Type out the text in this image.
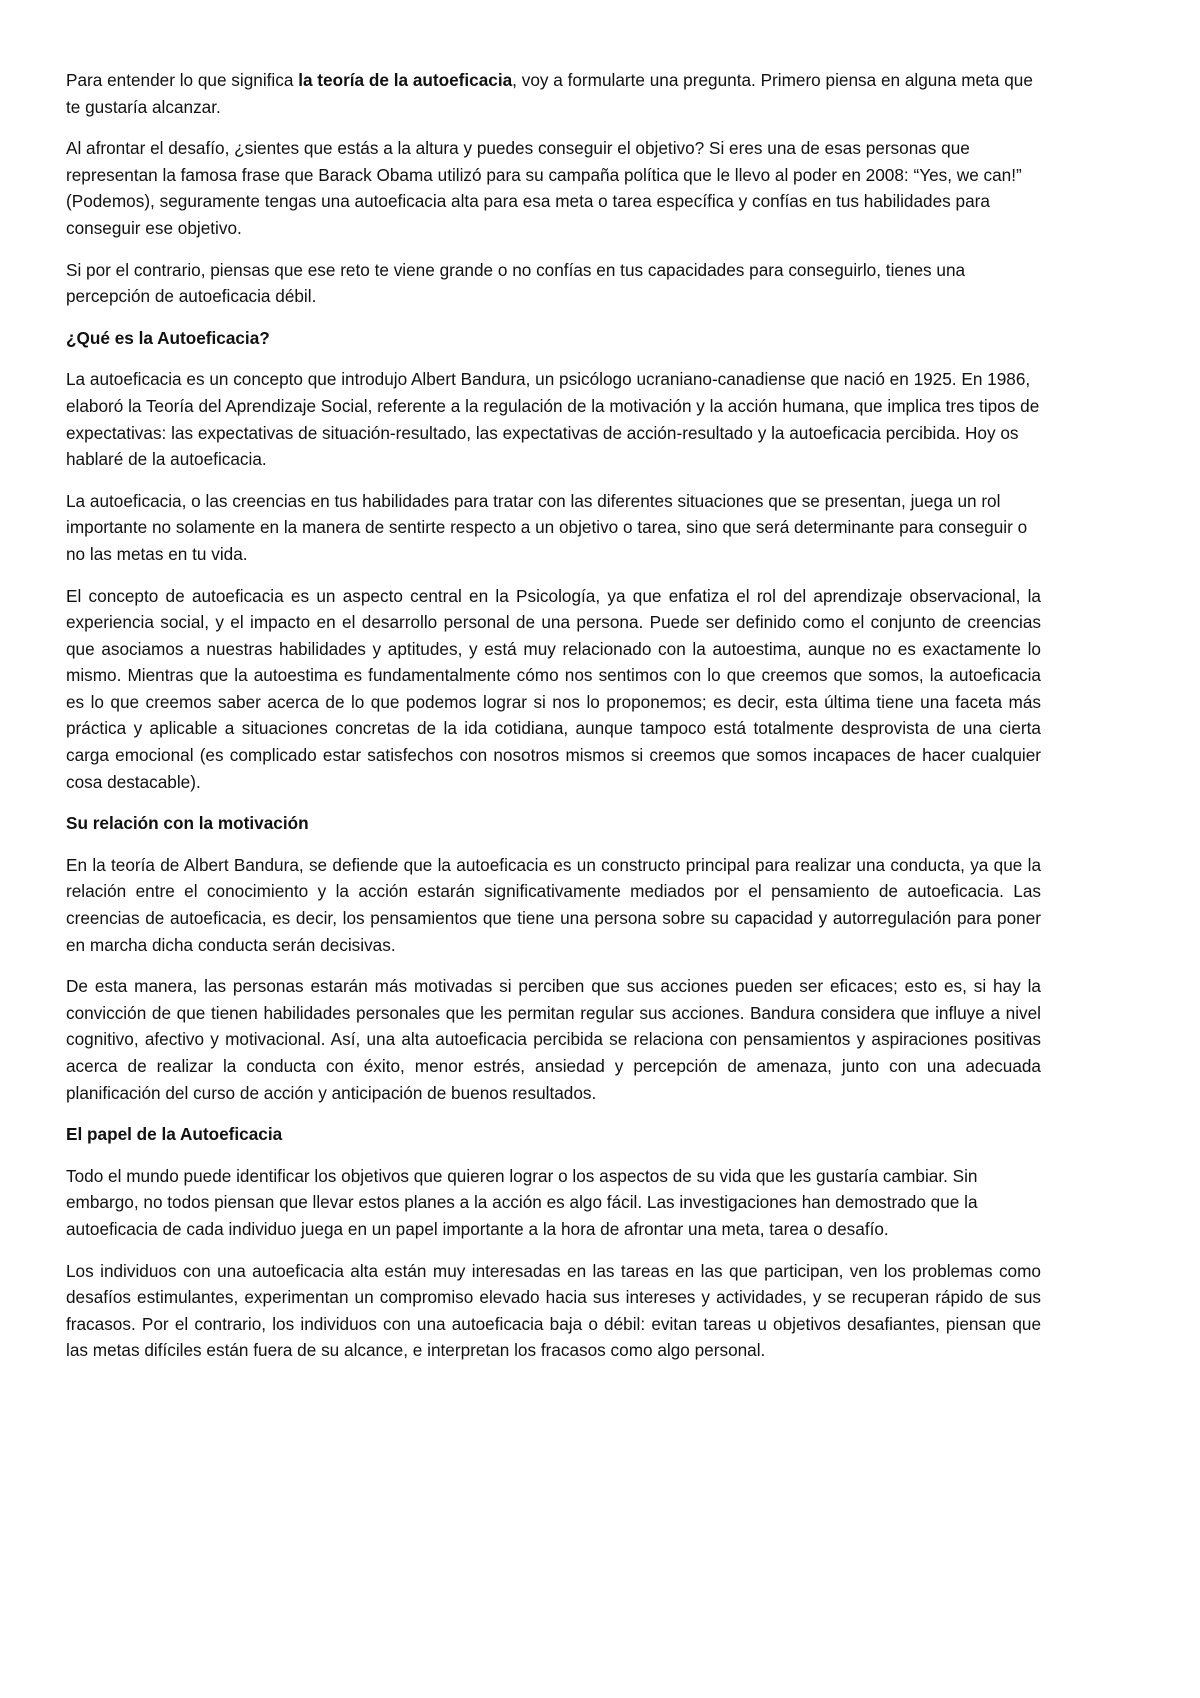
Para entender lo que significa la teoría de la autoeficacia, voy a formularte una pregunta. Primero piensa en alguna meta que te gustaría alcanzar.

Al afrontar el desafío, ¿sientes que estás a la altura y puedes conseguir el objetivo? Si eres una de esas personas que representan la famosa frase que Barack Obama utilizó para su campaña política que le llevo al poder en 2008: “Yes, we can!” (Podemos), seguramente tengas una autoeficacia alta para esa meta o tarea específica y confías en tus habilidades para conseguir ese objetivo.

Si por el contrario, piensas que ese reto te viene grande o no confías en tus capacidades para conseguirlo, tienes una percepción de autoeficacia débil.

¿Qué es la Autoeficacia?

La autoeficacia es un concepto que introdujo Albert Bandura, un psicólogo ucraniano-canadiense que nació en 1925. En 1986, elaboró la Teoría del Aprendizaje Social, referente a la regulación de la motivación y la acción humana, que implica tres tipos de expectativas: las expectativas de situación-resultado, las expectativas de acción-resultado y la autoeficacia percibida. Hoy os hablaré de la autoeficacia.

La autoeficacia, o las creencias en tus habilidades para tratar con las diferentes situaciones que se presentan, juega un rol importante no solamente en la manera de sentirte respecto a un objetivo o tarea, sino que será determinante para conseguir o no las metas en tu vida.

El concepto de autoeficacia es un aspecto central en la Psicología, ya que enfatiza el rol del aprendizaje observacional, la experiencia social, y el impacto en el desarrollo personal de una persona. Puede ser definido como el conjunto de creencias que asociamos a nuestras habilidades y aptitudes, y está muy relacionado con la autoestima, aunque no es exactamente lo mismo. Mientras que la autoestima es fundamentalmente cómo nos sentimos con lo que creemos que somos, la autoeficacia es lo que creemos saber acerca de lo que podemos lograr si nos lo proponemos; es decir, esta última tiene una faceta más práctica y aplicable a situaciones concretas de la ida cotidiana, aunque tampoco está totalmente desprovista de una cierta carga emocional (es complicado estar satisfechos con nosotros mismos si creemos que somos incapaces de hacer cualquier cosa destacable).

Su relación con la motivación

En la teoría de Albert Bandura, se defiende que la autoeficacia es un constructo principal para realizar una conducta, ya que la relación entre el conocimiento y la acción estarán significativamente mediados por el pensamiento de autoeficacia. Las creencias de autoeficacia, es decir, los pensamientos que tiene una persona sobre su capacidad y autorregulación para poner en marcha dicha conducta serán decisivas.

De esta manera, las personas estarán más motivadas si perciben que sus acciones pueden ser eficaces; esto es, si hay la convicción de que tienen habilidades personales que les permitan regular sus acciones. Bandura considera que influye a nivel cognitivo, afectivo y motivacional. Así, una alta autoeficacia percibida se relaciona con pensamientos y aspiraciones positivas acerca de realizar la conducta con éxito, menor estrés, ansiedad y percepción de amenaza, junto con una adecuada planificación del curso de acción y anticipación de buenos resultados.

El papel de la Autoeficacia

Todo el mundo puede identificar los objetivos que quieren lograr o los aspectos de su vida que les gustaría cambiar. Sin embargo, no todos piensan que llevar estos planes a la acción es algo fácil. Las investigaciones han demostrado que la autoeficacia de cada individuo juega en un papel importante a la hora de afrontar una meta, tarea o desafío.

Los individuos con una autoeficacia alta están muy interesadas en las tareas en las que participan, ven los problemas como desafíos estimulantes, experimentan un compromiso elevado hacia sus intereses y actividades, y se recuperan rápido de sus fracasos. Por el contrario, los individuos con una autoeficacia baja o débil: evitan tareas u objetivos desafiantes, piensan que las metas difíciles están fuera de su alcance, e interpretan los fracasos como algo personal.
